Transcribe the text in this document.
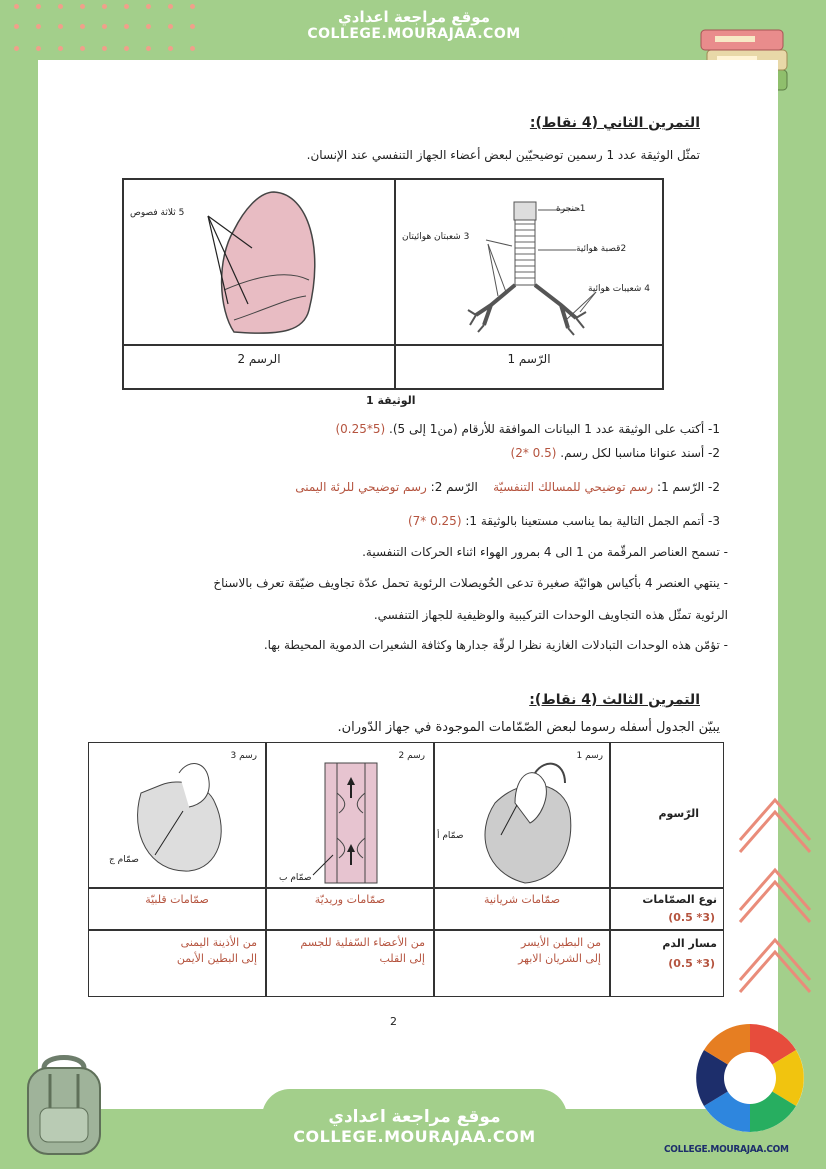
موقع مراجعة اعدادي
COLLEGE.MOURAJAA.COM
التمرين الثاني (4 نقاط):
تمثّل الوثيقة عدد 1 رسمين توضيحيّين لبعض أعضاء الجهاز التنفسي عند الإنسان.
1حنجرة
2قصبة هوائية
3 شعبتان هوائيتان
4 شعيبات هوائية
5 ثلاثة فصوص
الرسم 2	الرّسم 1
الوثيقة 1
1- أكتب على الوثيقة عدد 1 البيانات الموافقة للأرقام (من1 إلى 5). (5*0.25)
2- أسند عنوانا مناسبا لكل رسم. (0.5 *2)
2- الرّسم 1: رسم توضيحي للمسالك التنفسيّة    الرّسم 2: رسم توضيحي للرئة اليمنى
3- أتمم الجمل التالية بما يناسب مستعينا بالوثيقة 1: (0.25 *7)
- تسمح العناصر المرقّمة من 1 الى 4 بمرور الهواء اثناء الحركات التنفسية.
- ينتهي العنصر 4 بأكياس هوائيّة صغيرة تدعى الحُويصلات الرئوية تحمل عدّة تجاويف ضيّقة تعرف بالاسناخ
الرئوية تمثّل هذه التجاويف الوحدات التركيبية والوظيفية للجهاز التنفسي.
- تؤمّن هذه الوحدات التبادلات الغازية نظرا لرقّة جدارها وكثافة الشعيرات الدموية المحيطة بها.
التمرين الثالث (4 نقاط):
يبيّن الجدول أسفله رسوما لبعض الصّمّامات الموجودة في جهاز الدّوران.
2
الرّسوم
نوع الصمّامات
(0.5 *3)
مسار الدم
(0.5 *3)
رسم 1
صمّام أ
رسم 2
صمّام ب
رسم 3
صمّام ج
صمّامات شريانية
صمّامات وريديّة
صمّامات قلبيّة
من البطين الأيسر
إلى الشريان الابهر
من الأعضاء السّفلية للجسم
إلى القلب
من الأذينة اليمنى
إلى البطين الأيمن
موقع مراجعة اعدادي
COLLEGE.MOURAJAA.COM
COLLEGE.MOURAJAA.COM
